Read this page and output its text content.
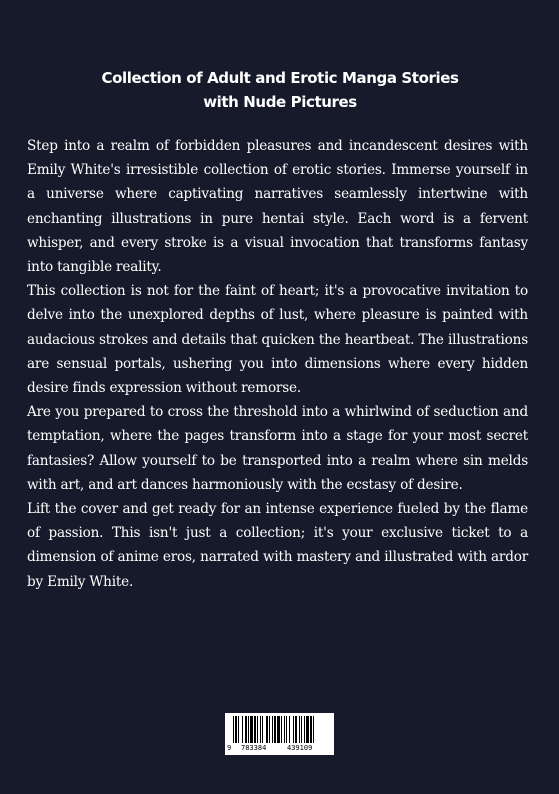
Collection of Adult and Erotic Manga Stories
with Nude Pictures

Step into a realm of forbidden pleasures and incandescent desires with Emily White's irresistible collection of erotic stories. Immerse yourself in a universe where captivating narratives seamlessly intertwine with enchanting illustrations in pure hentai style. Each word is a fervent whisper, and every stroke is a visual invocation that transforms fantasy into tangible reality.

This collection is not for the faint of heart; it's a provocative invitation to delve into the unexplored depths of lust, where pleasure is painted with audacious strokes and details that quicken the heartbeat. The illustrations are sensual portals, ushering you into dimensions where every hidden desire finds expression without remorse.

Are you prepared to cross the threshold into a whirlwind of seduction and temptation, where the pages transform into a stage for your most secret fantasies? Allow yourself to be transported into a realm where sin melds with art, and art dances harmoniously with the ecstasy of desire.

Lift the cover and get ready for an intense experience fueled by the flame of passion. This isn't just a collection; it's your exclusive ticket to a dimension of anime eros, narrated with mastery and illustrated with ardor by Emily White.

9 783384	439109
